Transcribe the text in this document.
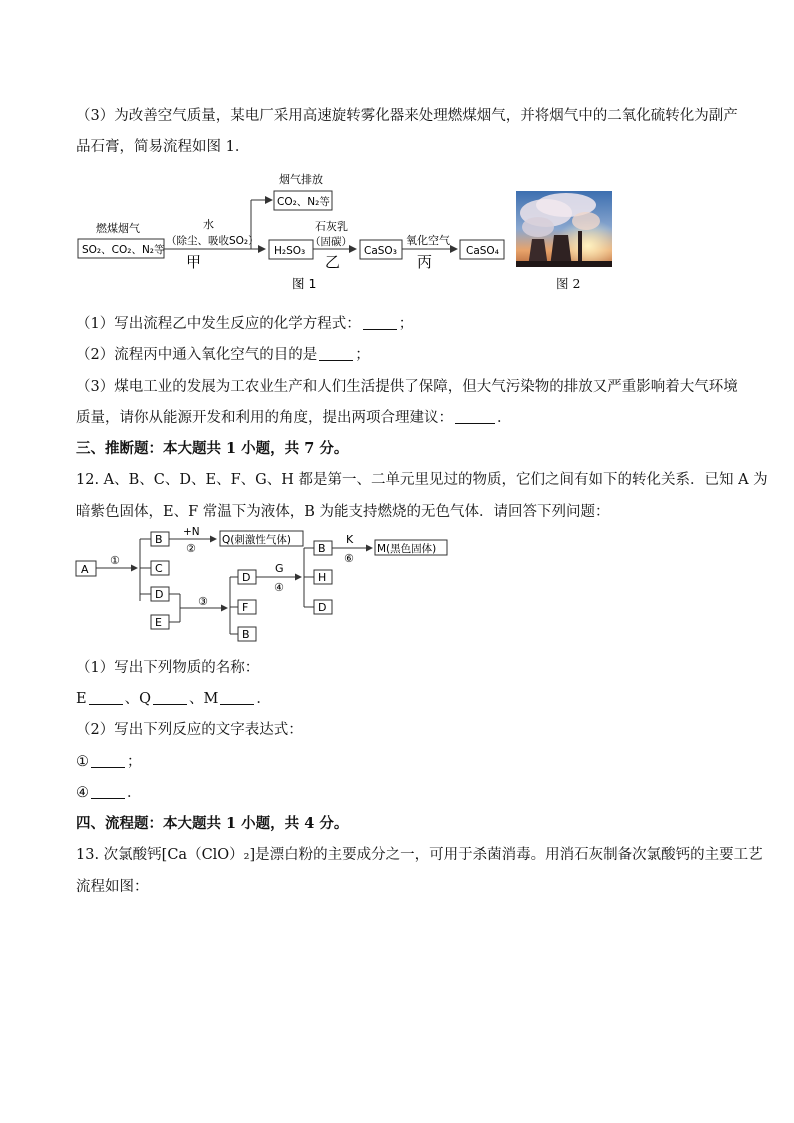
（3）为改善空气质量，某电厂采用高速旋转雾化器来处理燃煤烟气，并将烟气中的二氧化硫转化为副产
品石膏，简易流程如图 1．
燃煤烟气
SO₂、CO₂、N₂等
水
（除尘、吸收SO₂）
甲
烟气排放
CO₂、N₂等
H₂SO₃
石灰乳
（固碳）
乙
CaSO₃
氧化空气
丙
CaSO₄
图 1	图 2
（1）写出流程乙中发生反应的化学方程式：	；
（2）流程丙中通入氧化空气的目的是	；
（3）煤电工业的发展为工农业生产和人们生活提供了保障，但大气污染物的排放又严重影响着大气环境
质量，请你从能源开发和利用的角度，提出两项合理建议：	．
三、推断题：本大题共 1 小题，共 7 分。
12. A、B、C、D、E、F、G、H 都是第一、二单元里见过的物质，它们之间有如下的转化关系．已知 A 为
暗紫色固体，E、F 常温下为液体，B 为能支持燃烧的无色气体．请回答下列问题：
A
①
B
+N
②
Q(刺激性气体)
C
D
E
③
D
F
B
G
④
B
H
D
K
⑥
M(黑色固体)
（1）写出下列物质的名称：
E	、Q	、M	．
（2）写出下列反应的文字表达式：
①	；
④	．
四、流程题：本大题共 1 小题，共 4 分。
13. 次氯酸钙[Ca（ClO）₂]是漂白粉的主要成分之一，可用于杀菌消毒。用消石灰制备次氯酸钙的主要工艺
流程如图：
